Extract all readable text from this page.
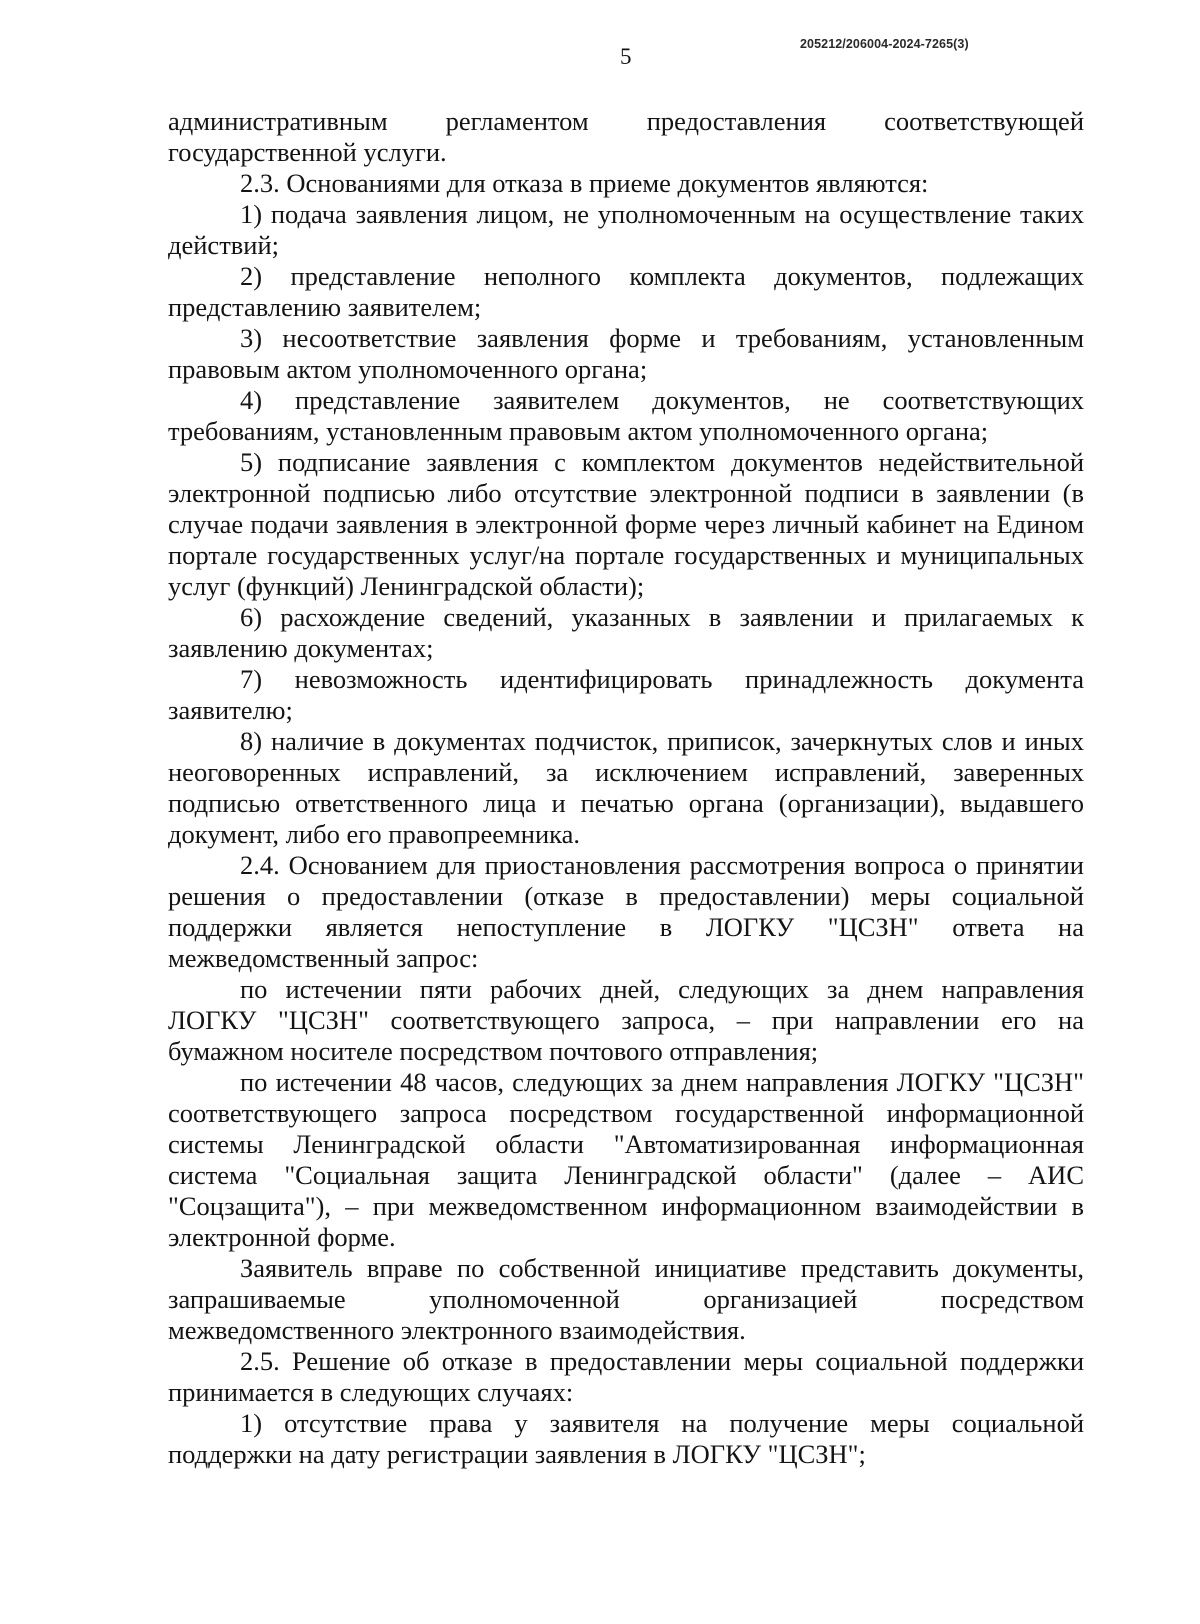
205212/206004-2024-7265(3)
5

административным регламентом предоставления соответствующей государственной услуги.

2.3. Основаниями для отказа в приеме документов являются:

1) подача заявления лицом, не уполномоченным на осуществление таких действий;

2) представление неполного комплекта документов, подлежащих представлению заявителем;

3) несоответствие заявления форме и требованиям, установленным правовым актом уполномоченного органа;

4) представление заявителем документов, не соответствующих требованиям, установленным правовым актом уполномоченного органа;

5) подписание заявления с комплектом документов недействительной электронной подписью либо отсутствие электронной подписи в заявлении (в случае подачи заявления в электронной форме через личный кабинет на Едином портале государственных услуг/на портале государственных и муниципальных услуг (функций) Ленинградской области);

6) расхождение сведений, указанных в заявлении и прилагаемых к заявлению документах;

7) невозможность идентифицировать принадлежность документа заявителю;

8) наличие в документах подчисток, приписок, зачеркнутых слов и иных неоговоренных исправлений, за исключением исправлений, заверенных подписью ответственного лица и печатью органа (организации), выдавшего документ, либо его правопреемника.

2.4. Основанием для приостановления рассмотрения вопроса о принятии решения о предоставлении (отказе в предоставлении) меры социальной поддержки является непоступление в ЛОГКУ "ЦСЗН" ответа на межведомственный запрос:

по истечении пяти рабочих дней, следующих за днем направления ЛОГКУ "ЦСЗН" соответствующего запроса, – при направлении его на бумажном носителе посредством почтового отправления;

по истечении 48 часов, следующих за днем направления ЛОГКУ "ЦСЗН" соответствующего запроса посредством государственной информационной системы Ленинградской области "Автоматизированная информационная система "Социальная защита Ленинградской области" (далее – АИС "Соцзащита"), – при межведомственном информационном взаимодействии в электронной форме.

Заявитель вправе по собственной инициативе представить документы, запрашиваемые уполномоченной организацией посредством межведомственного электронного взаимодействия.

2.5. Решение об отказе в предоставлении меры социальной поддержки принимается в следующих случаях:

1) отсутствие права у заявителя на получение меры социальной поддержки на дату регистрации заявления в ЛОГКУ "ЦСЗН";
